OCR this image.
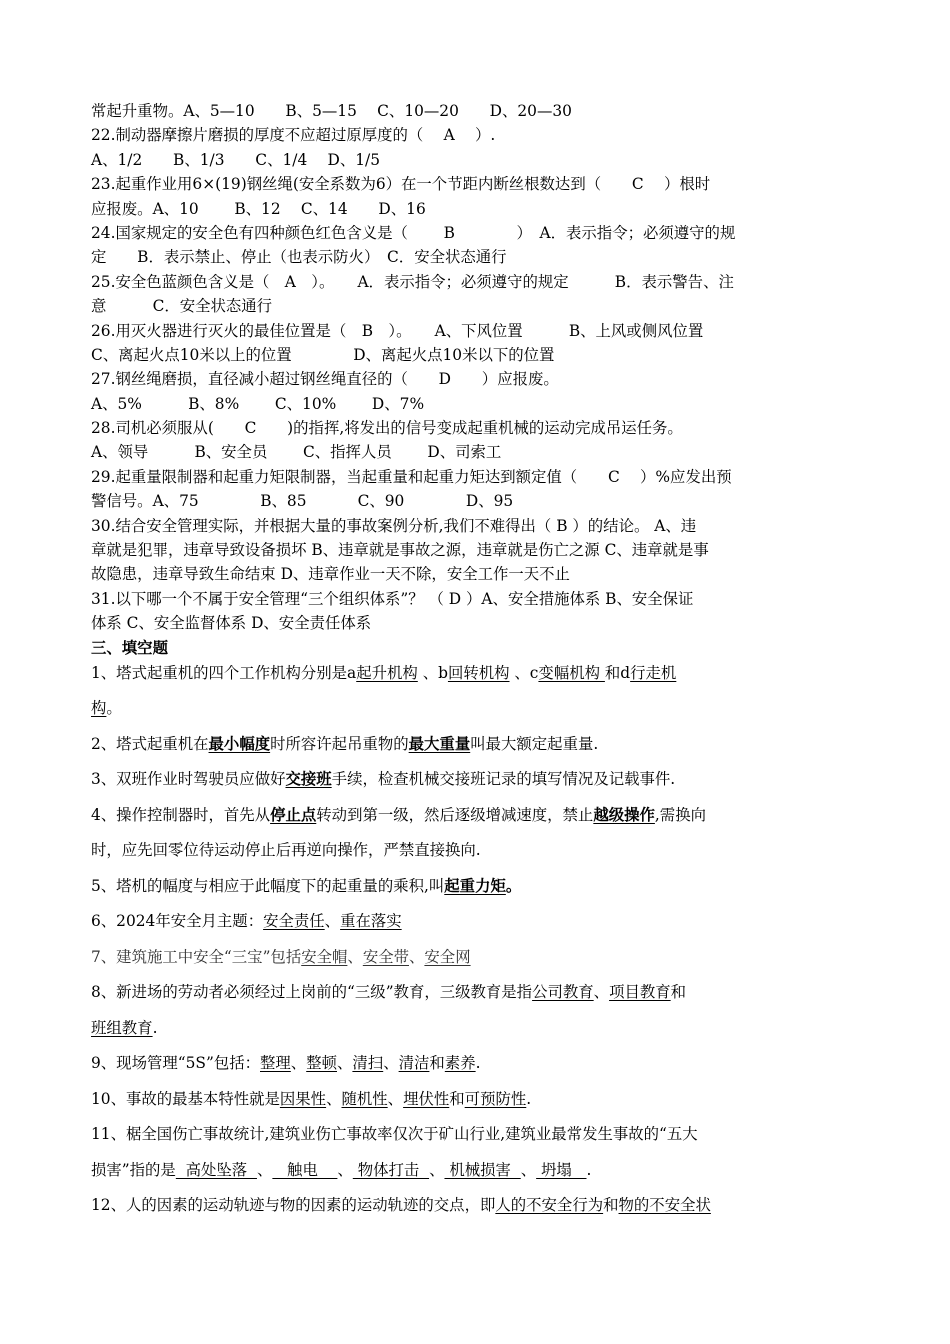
常起升重物。A、5—10　　B、5—15　 C、10—20　　D、20—30
22.制动器摩擦片磨损的厚度不应超过原厚度的（　 A　 ）.
A、1/2　　B、1/3　　C、1/4　 D、1/5
23.起重作业用6×(19)钢丝绳(安全系数为6）在一个节距内断丝根数达到（　　C　 ）根时
应报废。A、10　　 B、12　 C、14　　D、16
24.国家规定的安全色有四种颜色红色含义是（　　 B　　　　）　A．表示指令；必须遵守的规
定　　B．表示禁止、停止（也表示防火）　C．安全状态通行
25.安全色蓝颜色含义是（　A　）。　　A．表示指令；必须遵守的规定　　　B．表示警告、注
意　　　C．安全状态通行
26.用灭火器进行灭火的最佳位置是（　B　）。　　A、下风位置　　　B、上风或侧风位置
C、离起火点10米以上的位置　　　　D、离起火点10米以下的位置
27.钢丝绳磨损，直径减小超过钢丝绳直径的（　　D　　）应报废。
A、5%　　　B、8%　　 C、10%　　 D、7%
28.司机必须服从(　　C　　)的指挥,将发出的信号变成起重机械的运动完成吊运任务。
A、领导　　　B、安全员　　 C、指挥人员　　 D、司索工
29.起重量限制器和起重力矩限制器，当起重量和起重力矩达到额定值（　　C　 ）%应发出预
警信号。A、75　　　　B、85　　　 C、90　　　　D、95
30.结合安全管理实际，并根据大量的事故案例分析,我们不难得出（ B ）的结论。 A、违
章就是犯罪，违章导致设备损坏 B、违章就是事故之源，违章就是伤亡之源 C、违章就是事
故隐患，违章导致生命结束 D、违章作业一天不除，安全工作一天不止
31.以下哪一个不属于安全管理“三个组织体系”？ （ D ）A、安全措施体系 B、安全保证
体系 C、安全监督体系 D、安全责任体系
三、填空题
1、塔式起重机的四个工作机构分别是a起升机构 、b回转机构 、c变幅机构 和d行走机
构。
2、塔式起重机在最小幅度时所容许起吊重物的最大重量叫最大额定起重量.
3、双班作业时驾驶员应做好交接班手续，检查机械交接班记录的填写情况及记载事件.
4、操作控制器时，首先从停止点转动到第一级，然后逐级增减速度，禁止越级操作,需换向
时，应先回零位待运动停止后再逆向操作，严禁直接换向.
5、塔机的幅度与相应于此幅度下的起重量的乘积,叫起重力矩。
6、2024年安全月主题：安全责任、重在落实
7、建筑施工中安全“三宝”包括安全帽、安全带、安全网
8、新进场的劳动者必须经过上岗前的“三级”教育，三级教育是指公司教育、项目教育和
班组教育.
9、现场管理“5S”包括：整理、整顿、清扫、清洁和素养.
10、事故的最基本特性就是因果性、随机性、埋伏性和可预防性.
11、椐全国伤亡事故统计,建筑业伤亡事故率仅次于矿山行业,建筑业最常发生事故的“五大
损害”指的是  高处坠落  、   触电    、 物体打击  、 机械损害  、 坍塌   .
12、人的因素的运动轨迹与物的因素的运动轨迹的交点，即人的不安全行为和物的不安全状
